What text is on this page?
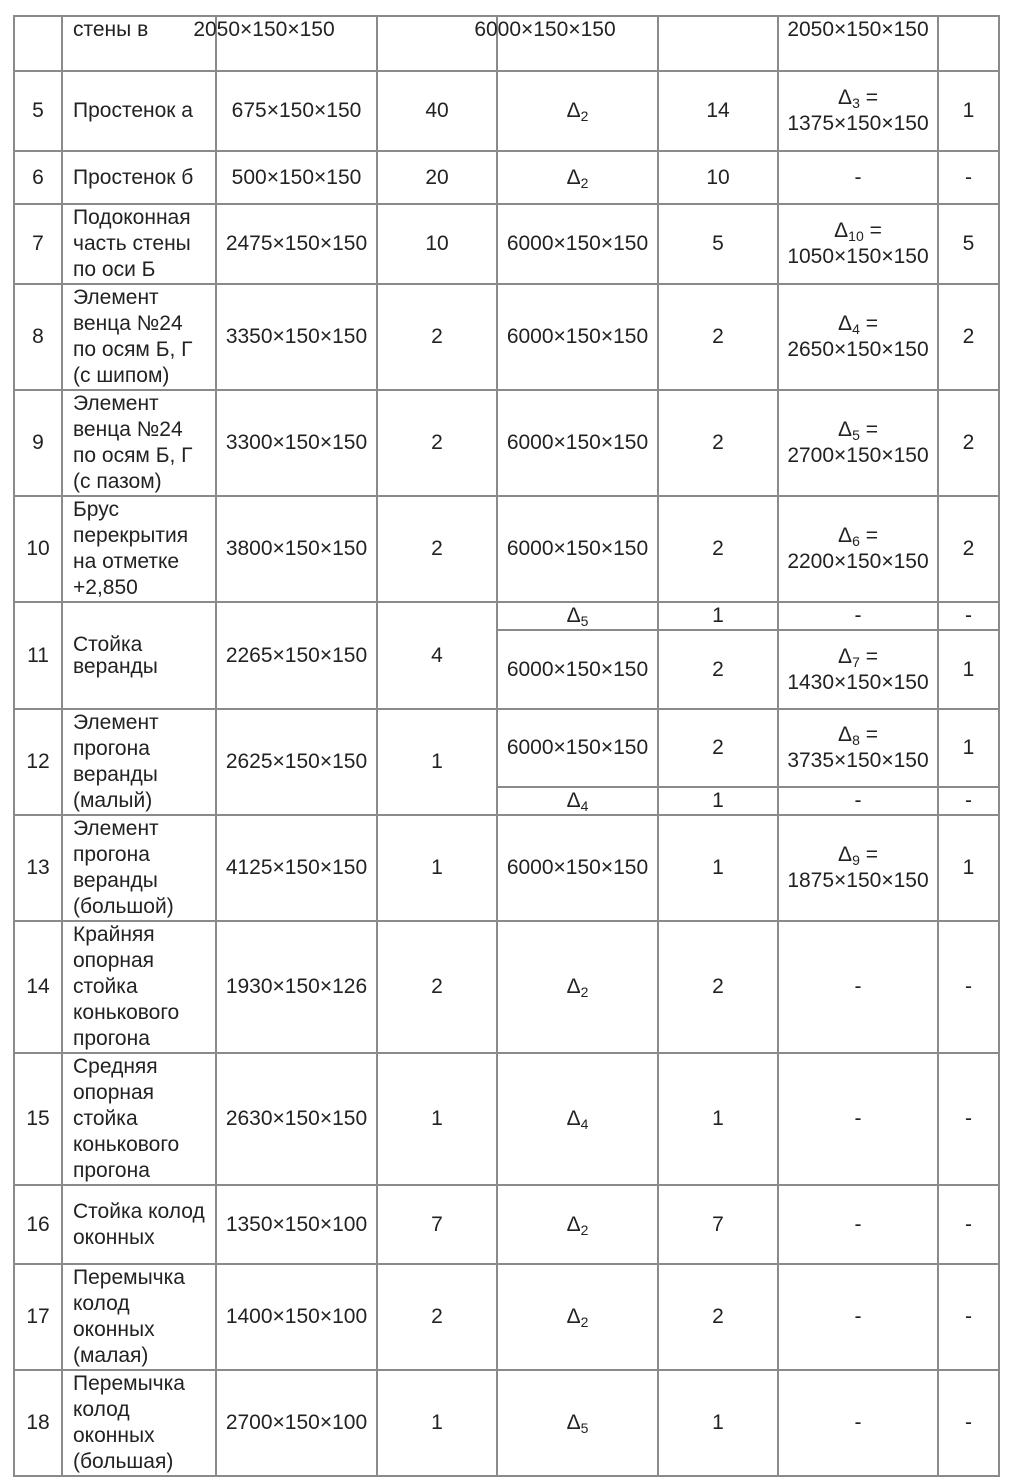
	стены в	2050×150×150		6000×150×150		2050×150×150	
5	Простенок а	675×150×150	40	$\Delta_2$	14	$\Delta_3 = 1375\times 150\times 150$	1
6	Простенок б	500×150×150	20	$\Delta_2$	10	-	-
7	Подоконная часть стены по оси Б	2475×150×150	10	6000×150×150	5	$\Delta_{10} = 1050\times 150\times 150$	5
8	Элемент венца №24 по осям Б, Г (с шипом)	3350×150×150	2	6000×150×150	2	$\Delta_4 = 2650\times 150\times 150$	2
9	Элемент венца №24 по осям Б, Г (с пазом)	3300×150×150	2	6000×150×150	2	$\Delta_5 = 2700\times 150\times 150$	2
10	Брус перекрытия на отметке +2,850	3800×150×150	2	6000×150×150	2	$\Delta_6 = 2200\times 150\times 150$	2
11	Стойка веранды	2265×150×150	4	$\Delta_5$	1	-	-
				6000×150×150	2	$\Delta_7 = 1430\times 150\times 150$	1
12	Элемент прогона веранды (малый)	2625×150×150	1	6000×150×150	2	$\Delta_8 = 3735\times 150\times 150$	1
				$\Delta_4$	1	-	-
13	Элемент прогона веранды (большой)	4125×150×150	1	6000×150×150	1	$\Delta_9 = 1875\times 150\times 150$	1
14	Крайняя опорная стойка конькового прогона	1930×150×126	2	$\Delta_2$	2	-	-
15	Средняя опорная стойка конькового прогона	2630×150×150	1	$\Delta_4$	1	-	-
16	Стойка колод оконных	1350×150×100	7	$\Delta_2$	7	-	-
17	Перемычка колод оконных (малая)	1400×150×100	2	$\Delta_2$	2	-	-
18	Перемычка колод оконных (большая)	2700×150×100	1	$\Delta_5$	1	-	-
